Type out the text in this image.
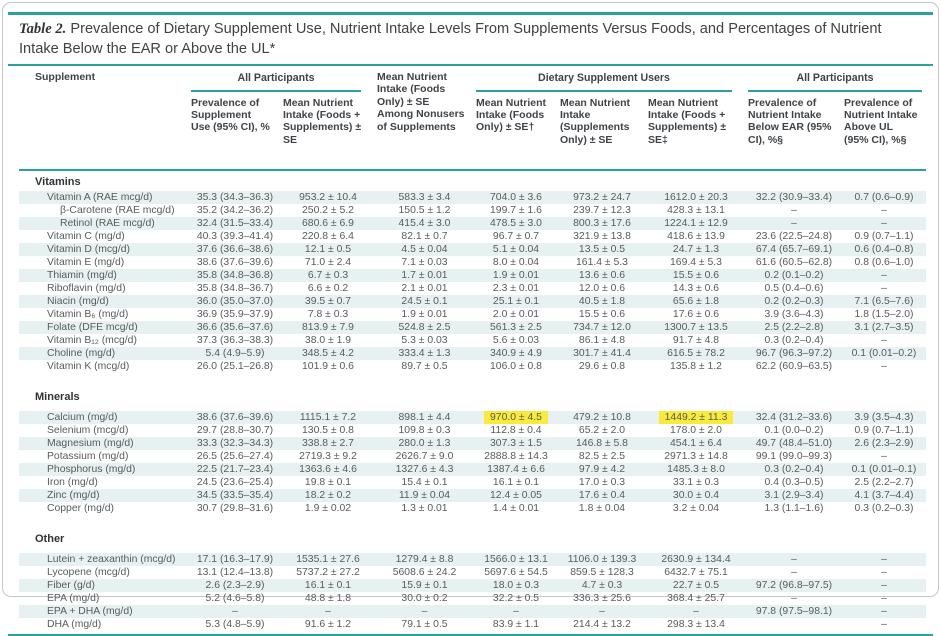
Table 2. Prevalence of Dietary Supplement Use, Nutrient Intake Levels From Supplements Versus Foods, and Percentages of Nutrient Intake Below the EAR or Above the UL*
Supplement	All Participants		Mean Nutrient Intake (Foods Only) ± SE Among Nonusers of Supplements	Dietary Supplement Users			All Participants	

	Prevalence of Supplement Use (95% CI), %	Mean Nutrient Intake (Foods + Supplements) ± SE		Mean Nutrient Intake (Foods Only) ± SE†	Mean Nutrient Intake (Supplements Only) ± SE	Mean Nutrient Intake (Foods + Supplements) ± SE‡	Prevalence of Nutrient Intake Below EAR (95% CI), %§	Prevalence of Nutrient Intake Above UL (95% CI), %§
Vitamins								
Vitamin A (RAE mcg/d)	35.3 (34.3–36.3)	953.2 ± 10.4	583.3 ± 3.4	704.0 ± 3.6	973.2 ± 24.7	1612.0 ± 20.3	32.2 (30.9–33.4)	0.7 (0.6–0.9)
β-Carotene (RAE mcg/d)	35.2 (34.2–36.2)	250.2 ± 5.2	150.5 ± 1.2	199.7 ± 1.6	239.7 ± 12.3	428.3 ± 13.1	–	–
Retinol (RAE mcg/d)	32.4 (31.5–33.4)	680.6 ± 6.9	415.4 ± 3.0	478.5 ± 3.0	800.3 ± 17.6	1224.1 ± 12.9	–	–
Vitamin C (mg/d)	40.3 (39.3–41.4)	220.8 ± 6.4	82.1 ± 0.7	96.7 ± 0.7	321.9 ± 13.8	418.6 ± 13.9	23.6 (22.5–24.8)	0.9 (0.7–1.1)
Vitamin D (mcg/d)	37.6 (36.6–38.6)	12.1 ± 0.5	4.5 ± 0.04	5.1 ± 0.04	13.5 ± 0.5	24.7 ± 1.3	67.4 (65.7–69.1)	0.6 (0.4–0.8)
Vitamin E (mg/d)	38.6 (37.6–39.6)	71.0 ± 2.4	7.1 ± 0.03	8.0 ± 0.04	161.4 ± 5.3	169.4 ± 5.3	61.6 (60.5–62.8)	0.8 (0.6–1.0)
Thiamin (mg/d)	35.8 (34.8–36.8)	6.7 ± 0.3	1.7 ± 0.01	1.9 ± 0.01	13.6 ± 0.6	15.5 ± 0.6	0.2 (0.1–0.2)	–
Riboflavin (mg/d)	35.8 (34.8–36.7)	6.6 ± 0.2	2.1 ± 0.01	2.3 ± 0.01	12.0 ± 0.6	14.3 ± 0.6	0.5 (0.4–0.6)	–
Niacin (mg/d)	36.0 (35.0–37.0)	39.5 ± 0.7	24.5 ± 0.1	25.1 ± 0.1	40.5 ± 1.8	65.6 ± 1.8	0.2 (0.2–0.3)	7.1 (6.5–7.6)
Vitamin B₆ (mg/d)	36.9 (35.9–37.9)	7.8 ± 0.3	1.9 ± 0.01	2.0 ± 0.01	15.5 ± 0.6	17.6 ± 0.6	3.9 (3.6–4.3)	1.8 (1.5–2.0)
Folate (DFE mcg/d)	36.6 (35.6–37.6)	813.9 ± 7.9	524.8 ± 2.5	561.3 ± 2.5	734.7 ± 12.0	1300.7 ± 13.5	2.5 (2.2–2.8)	3.1 (2.7–3.5)
Vitamin B₁₂ (mcg/d)	37.3 (36.3–38.3)	38.0 ± 1.9	5.3 ± 0.03	5.6 ± 0.03	86.1 ± 4.8	91.7 ± 4.8	0.3 (0.2–0.4)	–
Choline (mg/d)	5.4 (4.9–5.9)	348.5 ± 4.2	333.4 ± 1.3	340.9 ± 4.9	301.7 ± 41.4	616.5 ± 78.2	96.7 (96.3–97.2)	0.1 (0.01–0.2)
Vitamin K (mcg/d)	26.0 (25.1–26.8)	101.9 ± 0.6	89.7 ± 0.5	106.0 ± 0.8	29.6 ± 0.8	135.8 ± 1.2	62.2 (60.9–63.5)	–
Minerals								
Calcium (mg/d)	38.6 (37.6–39.6)	1115.1 ± 7.2	898.1 ± 4.4	970.0 ± 4.5	479.2 ± 10.8	1449.2 ± 11.3	32.4 (31.2–33.6)	3.9 (3.5–4.3)
Selenium (mcg/d)	29.7 (28.8–30.7)	130.5 ± 0.8	109.8 ± 0.3	112.8 ± 0.4	65.2 ± 2.0	178.0 ± 2.0	0.1 (0.0–0.2)	0.9 (0.7–1.1)
Magnesium (mg/d)	33.3 (32.3–34.3)	338.8 ± 2.7	280.0 ± 1.3	307.3 ± 1.5	146.8 ± 5.8	454.1 ± 6.4	49.7 (48.4–51.0)	2.6 (2.3–2.9)
Potassium (mg/d)	26.5 (25.6–27.4)	2719.3 ± 9.2	2626.7 ± 9.0	2888.8 ± 14.3	82.5 ± 2.5	2971.3 ± 14.8	99.1 (99.0–99.3)	–
Phosphorus (mg/d)	22.5 (21.7–23.4)	1363.6 ± 4.6	1327.6 ± 4.3	1387.4 ± 6.6	97.9 ± 4.2	1485.3 ± 8.0	0.3 (0.2–0.4)	0.1 (0.01–0.1)
Iron (mg/d)	24.5 (23.6–25.4)	19.8 ± 0.1	15.4 ± 0.1	16.1 ± 0.1	17.0 ± 0.3	33.1 ± 0.3	0.4 (0.3–0.5)	2.5 (2.2–2.7)
Zinc (mg/d)	34.5 (33.5–35.4)	18.2 ± 0.2	11.9 ± 0.04	12.4 ± 0.05	17.6 ± 0.4	30.0 ± 0.4	3.1 (2.9–3.4)	4.1 (3.7–4.4)
Copper (mg/d)	30.7 (29.8–31.6)	1.9 ± 0.02	1.3 ± 0.01	1.4 ± 0.01	1.8 ± 0.04	3.2 ± 0.04	1.3 (1.1–1.6)	0.3 (0.2–0.3)
Other								
Lutein + zeaxanthin (mcg/d)	17.1 (16.3–17.9)	1535.1 ± 27.6	1279.4 ± 8.8	1566.0 ± 13.1	1106.0 ± 139.3	2630.9 ± 134.4	–	–
Lycopene (mcg/d)	13.1 (12.4–13.8)	5737.2 ± 27.2	5608.6 ± 24.2	5697.6 ± 54.5	859.5 ± 128.3	6432.7 ± 75.1	–	–
Fiber (g/d)	2.6 (2.3–2.9)	16.1 ± 0.1	15.9 ± 0.1	18.0 ± 0.3	4.7 ± 0.3	22.7 ± 0.5	97.2 (96.8–97.5)	–
EPA (mg/d)	5.2 (4.6–5.8)	48.8 ± 1.8	30.0 ± 0.2	32.2 ± 0.5	336.3 ± 25.6	368.4 ± 25.7	–	–
EPA + DHA (mg/d)	–	–	–	–	–	–	97.8 (97.5–98.1)	–
DHA (mg/d)	5.3 (4.8–5.9)	91.6 ± 1.2	79.1 ± 0.5	83.9 ± 1.1	214.4 ± 13.2	298.3 ± 13.4		–
